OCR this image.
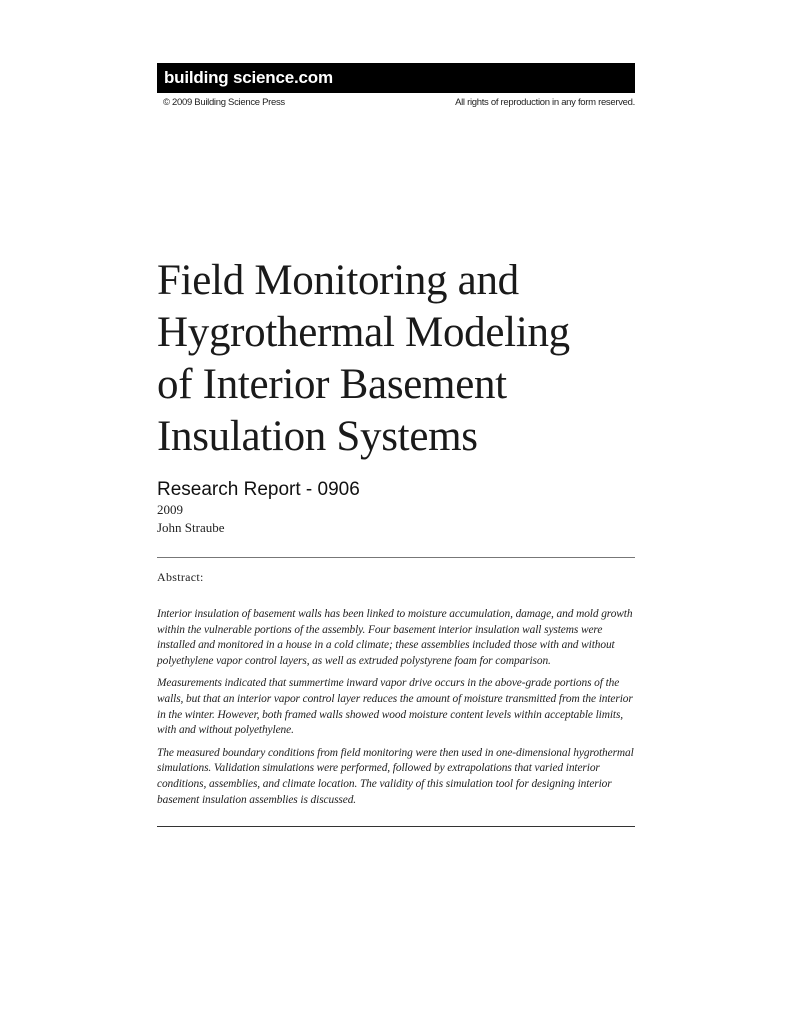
building science.com
© 2009 Building Science Press	All rights of reproduction in any form reserved.
Field Monitoring and
Hygrothermal Modeling
of Interior Basement
Insulation Systems
Research Report - 0906
2009
John Straube
Abstract:

Interior insulation of basement walls has been linked to moisture accumulation, damage, and mold growth within the vulnerable portions of the assembly. Four basement interior insulation wall systems were installed and monitored in a house in a cold climate; these assemblies included those with and without polyethylene vapor control layers, as well as extruded polystyrene foam for comparison.

Measurements indicated that summertime inward vapor drive occurs in the above-grade portions of the walls, but that an interior vapor control layer reduces the amount of moisture transmitted from the interior in the winter. However, both framed walls showed wood moisture content levels within acceptable limits, with and without polyethylene.

The measured boundary conditions from field monitoring were then used in one-dimensional hygrothermal simulations. Validation simulations were performed, followed by extrapolations that varied interior conditions, assemblies, and climate location. The validity of this simulation tool for designing interior basement insulation assemblies is discussed.
